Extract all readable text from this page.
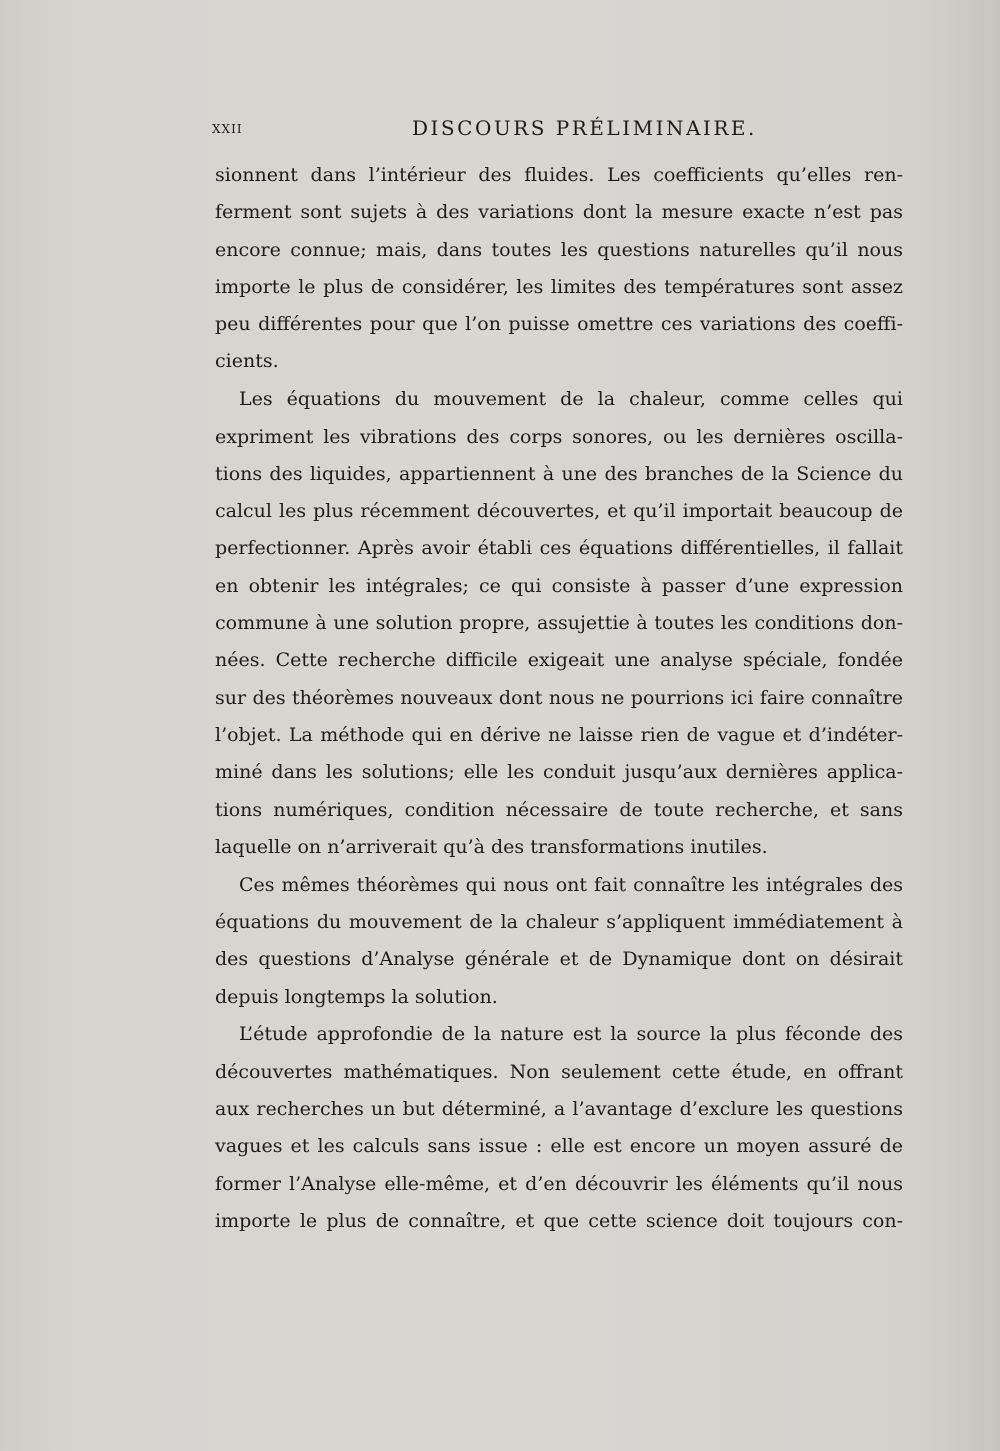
xxii	DISCOURS PRÉLIMINAIRE.
sionnent dans l’intérieur des fluides. Les coefficients qu’elles ren-
ferment sont sujets à des variations dont la mesure exacte n’est pas
encore connue; mais, dans toutes les questions naturelles qu’il nous
importe le plus de considérer, les limites des températures sont assez
peu différentes pour que l’on puisse omettre ces variations des coeffi-
cients.
Les équations du mouvement de la chaleur, comme celles qui
expriment les vibrations des corps sonores, ou les dernières oscilla-
tions des liquides, appartiennent à une des branches de la Science du
calcul les plus récemment découvertes, et qu’il importait beaucoup de
perfectionner. Après avoir établi ces équations différentielles, il fallait
en obtenir les intégrales; ce qui consiste à passer d’une expression
commune à une solution propre, assujettie à toutes les conditions don-
nées. Cette recherche difficile exigeait une analyse spéciale, fondée
sur des théorèmes nouveaux dont nous ne pourrions ici faire connaître
l’objet. La méthode qui en dérive ne laisse rien de vague et d’indéter-
miné dans les solutions; elle les conduit jusqu’aux dernières applica-
tions numériques, condition nécessaire de toute recherche, et sans
laquelle on n’arriverait qu’à des transformations inutiles.
Ces mêmes théorèmes qui nous ont fait connaître les intégrales des
équations du mouvement de la chaleur s’appliquent immédiatement à
des questions d’Analyse générale et de Dynamique dont on désirait
depuis longtemps la solution.
L’étude approfondie de la nature est la source la plus féconde des
découvertes mathématiques. Non seulement cette étude, en offrant
aux recherches un but déterminé, a l’avantage d’exclure les questions
vagues et les calculs sans issue : elle est encore un moyen assuré de
former l’Analyse elle-même, et d’en découvrir les éléments qu’il nous
importe le plus de connaître, et que cette science doit toujours con-
